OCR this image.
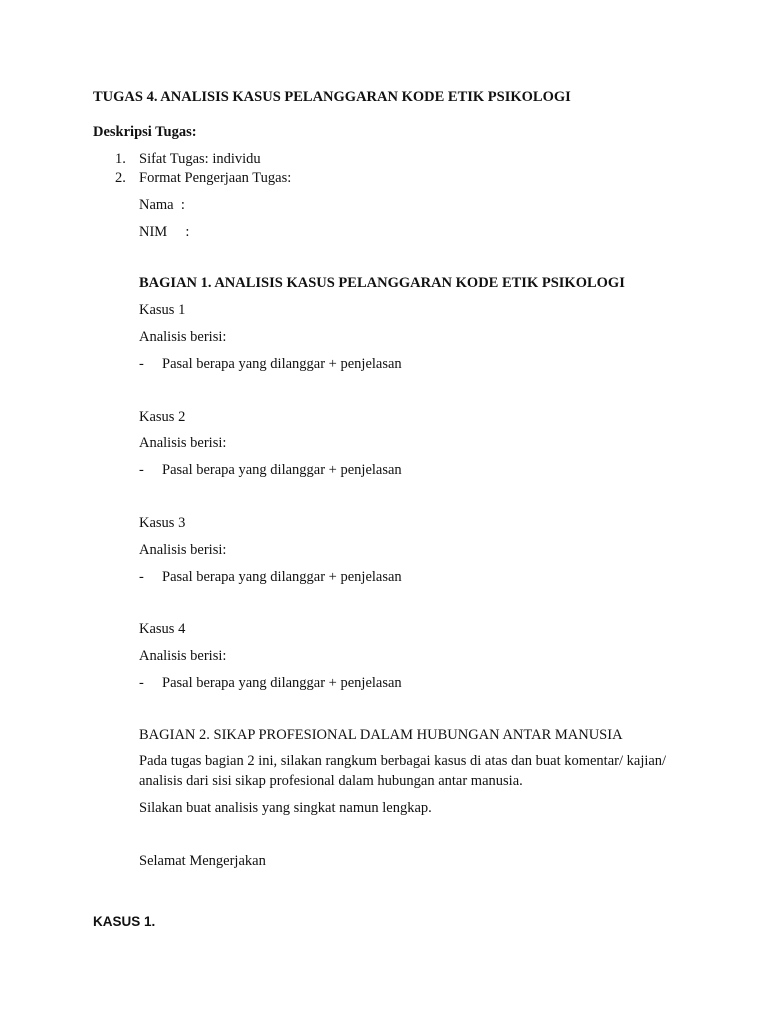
TUGAS 4. ANALISIS KASUS PELANGGARAN KODE ETIK PSIKOLOGI
Deskripsi Tugas:
1. Sifat Tugas: individu
2. Format Pengerjaan Tugas:
Nama  :
NIM     :
BAGIAN 1. ANALISIS KASUS PELANGGARAN KODE ETIK PSIKOLOGI
Kasus 1
Analisis berisi:
- Pasal berapa yang dilanggar + penjelasan
Kasus 2
Analisis berisi:
- Pasal berapa yang dilanggar + penjelasan
Kasus 3
Analisis berisi:
- Pasal berapa yang dilanggar + penjelasan
Kasus 4
Analisis berisi:
- Pasal berapa yang dilanggar + penjelasan
BAGIAN 2. SIKAP PROFESIONAL DALAM HUBUNGAN ANTAR MANUSIA
Pada tugas bagian 2 ini, silakan rangkum berbagai kasus di atas dan buat komentar/ kajian/ analisis dari sisi sikap profesional dalam hubungan antar manusia.
Silakan buat analisis yang singkat namun lengkap.
Selamat Mengerjakan
KASUS 1.
